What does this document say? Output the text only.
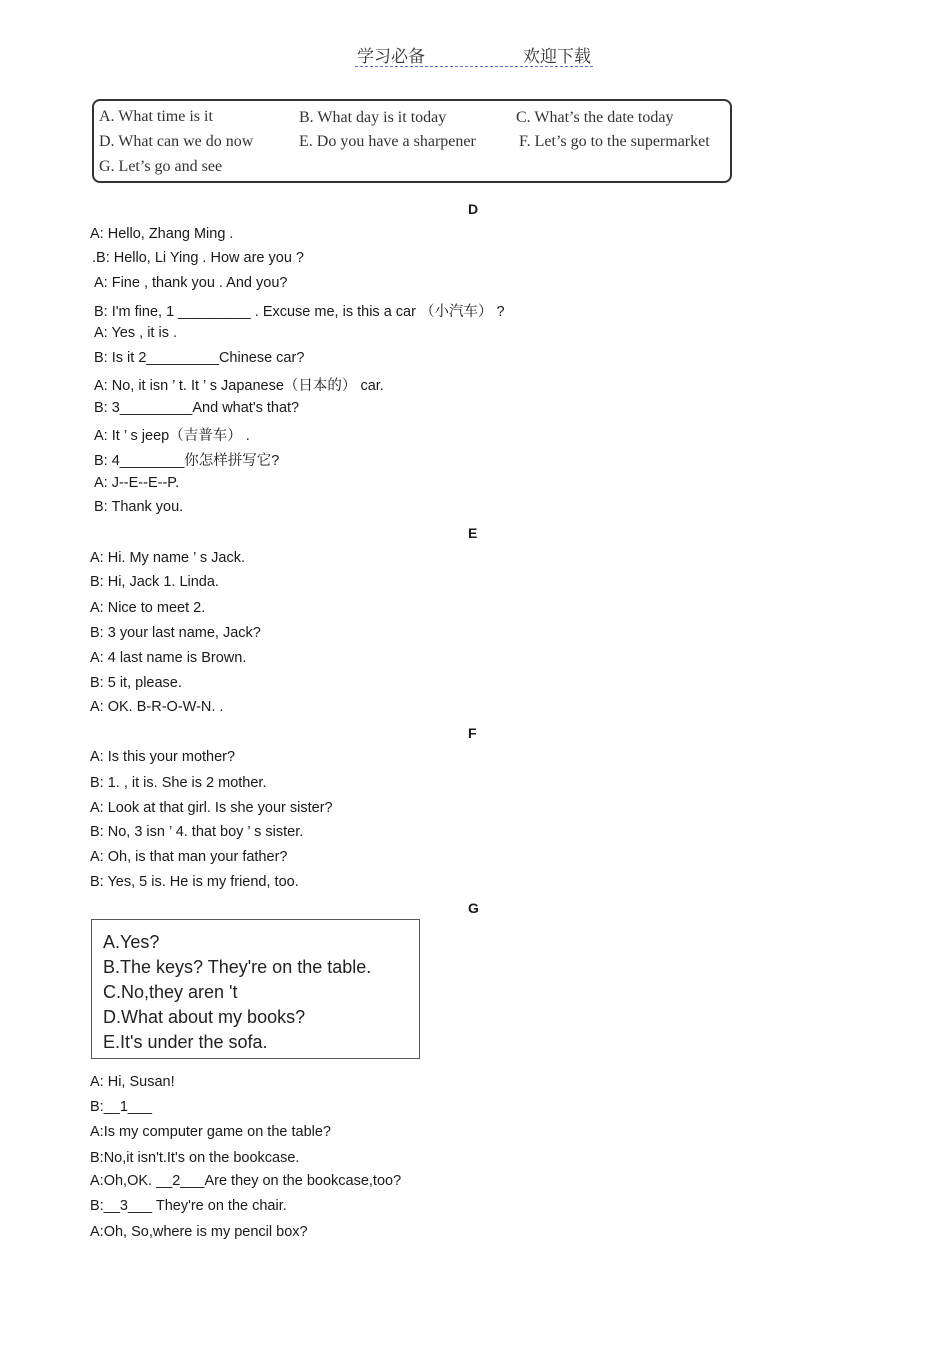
学习必备	欢迎下载
A. What time is it	B. What day is it today	C. What’s the date today
D. What can we do now	E. Do you have a sharpener	F. Let’s go to the supermarket
G. Let’s go and see
D
A: Hello, Zhang Ming .
.B: Hello, Li Ying . How are you ?
A: Fine , thank you . And you?
B: I'm fine, 1 _________ . Excuse me, is this a car （小汽车） ?
A: Yes , it is .
B: Is it 2_________Chinese car?
A: No, it isn ’ t. It ’ s Japanese（日本的） car.
B: 3_________And what's that?
A: It ’ s jeep（吉普车） .
B: 4________你怎样拼写它?
A: J--E--E--P.
B: Thank you.
E
A: Hi. My name ’ s Jack.
B: Hi, Jack 1. Linda.
A: Nice to meet 2.
B: 3 your last name, Jack?
A: 4 last name is Brown.
B: 5 it, please.
A: OK. B-R-O-W-N. .
F
A: Is this your mother?
B: 1. , it is. She is 2 mother.
A: Look at that girl. Is she your sister?
B: No, 3 isn ’ 4. that boy ’ s sister.
A: Oh, is that man your father?
B: Yes, 5 is. He is my friend, too.
G
A.Yes?
B.The keys? They're on the table.
C.No,they aren 't
D.What about my books?
E.It's under the sofa.
A: Hi, Susan!
B:__1___
A:Is my computer game on the table?
B:No,it isn't.It's on the bookcase.
A:Oh,OK. __2___Are they on the bookcase,too?
B:__3___ They're on the chair.
A:Oh, So,where is my pencil box?
